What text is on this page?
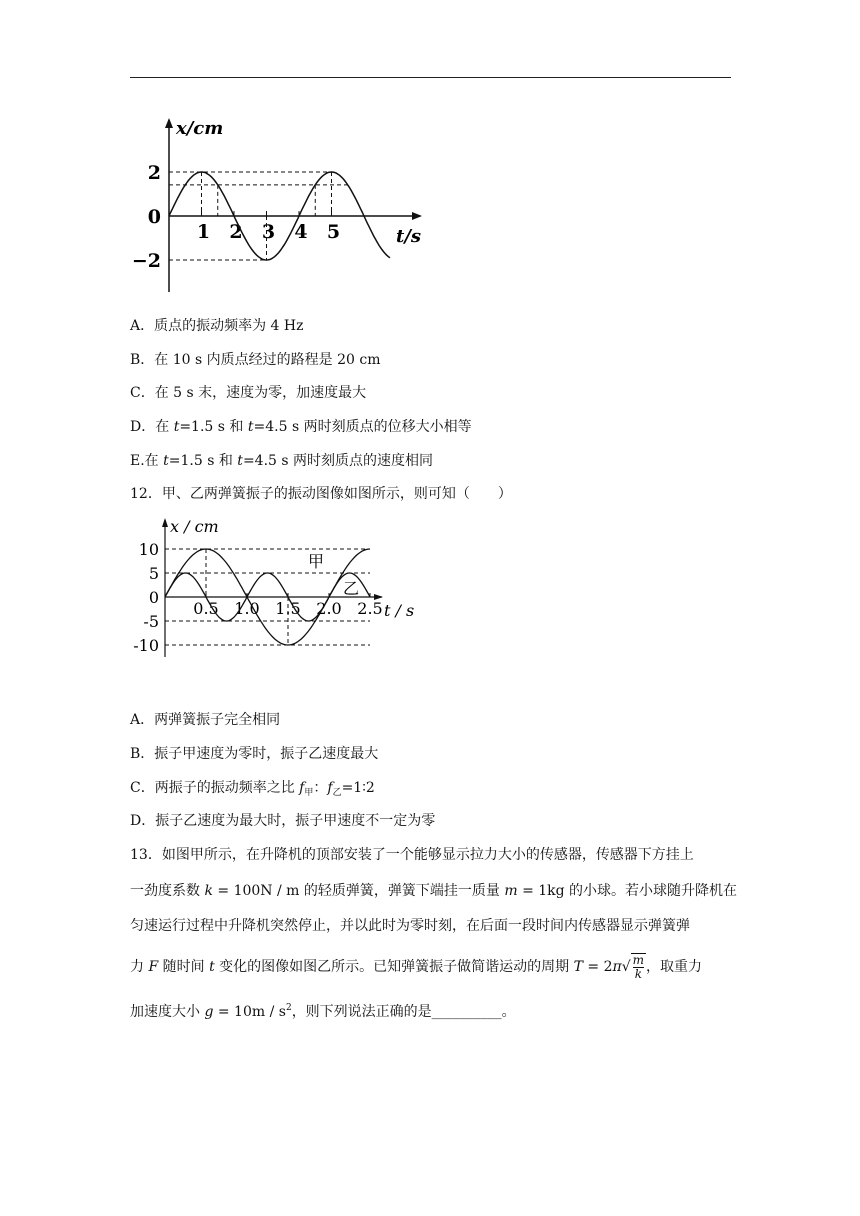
x/cm
t/s
2
0
−2
1 2 3 4 5
A．质点的振动频率为 4 Hz
B．在 10 s 内质点经过的路程是 20 cm
C．在 5 s 末，速度为零，加速度最大
D．在 t=1.5 s 和 t=4.5 s 两时刻质点的位移大小相等
E.在 t=1.5 s 和 t=4.5 s 两时刻质点的速度相同
12．甲、乙两弹簧振子的振动图像如图所示，则可知（　　）
x / cm
t / s
10
5
0
-5
-10
0.5 1.0 1.5 2.0 2.5
甲
乙
A．两弹簧振子完全相同
B．振子甲速度为零时，振子乙速度最大
C．两振子的振动频率之比 $f_甲$：$f_乙=1∶2$
D．振子乙速度为最大时，振子甲速度不一定为零
13．如图甲所示，在升降机的顶部安装了一个能够显示拉力大小的传感器，传感器下方挂上
一劲度系数 k = 100N / m 的轻质弹簧，弹簧下端挂一质量 m = 1kg 的小球。若小球随升降机在
匀速运行过程中升降机突然停止，并以此时为零时刻，在后面一段时间内传感器显示弹簧弹
力 F 随时间 t 变化的图像如图乙所示。已知弹簧振子做简谐运动的周期 $T = 2\pi√ \frac{m}{k}$ ，取重力
加速度大小 $g = 10m / s^2$，则下列说法正确的是__________。
